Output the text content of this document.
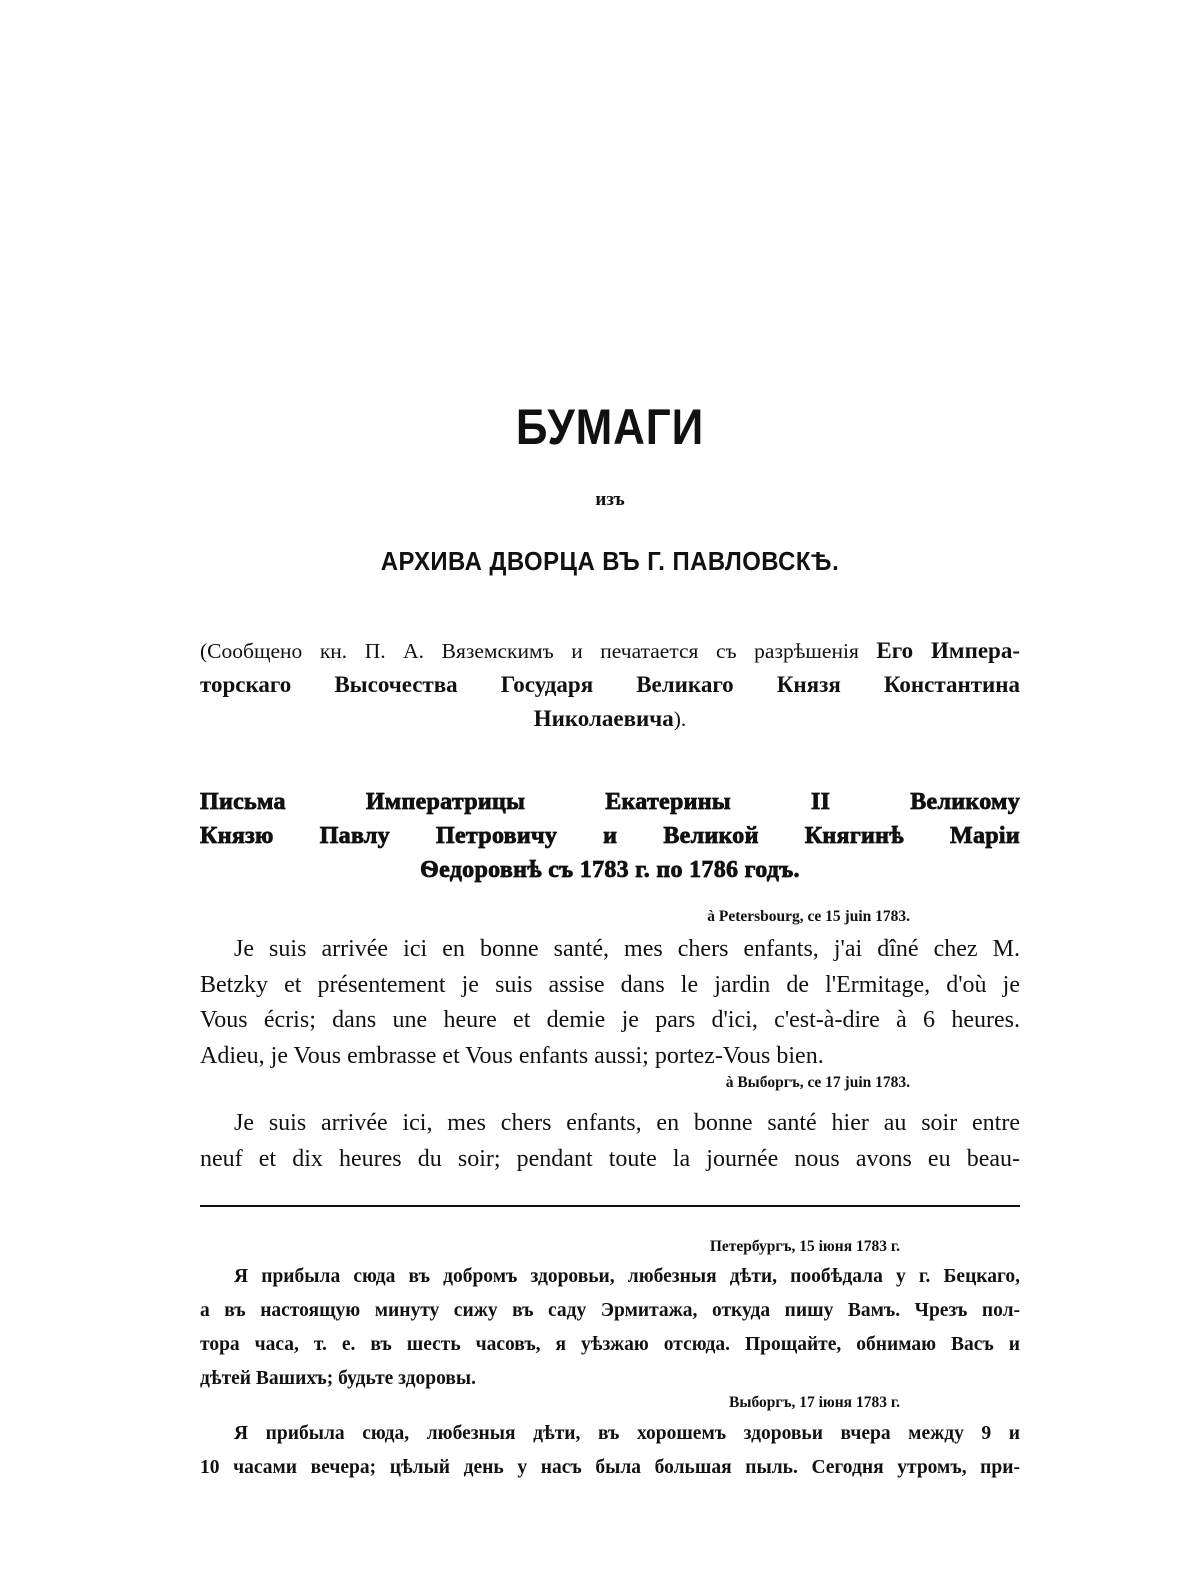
БУМАГИ
изъ
АРХИВА ДВОРЦА ВЪ Г. ПАВЛОВСКѢ.
(Сообщено кн. П. А. Вяземскимъ и печатается съ разрѣшенія Его Импера-
торскаго Высочества Государя Великаго Князя Константина
Николаевича).
Письма Императрицы Екатерины II Великому
Князю Павлу Петровичу и Великой Княгинѣ Маріи
Ѳедоровнѣ съ 1783 г. по 1786 годъ.
à Petersbourg, ce 15 juin 1783.
Je suis arrivée ici en bonne santé, mes chers enfants, j'ai dîné chez M.
Betzky et présentement je suis assise dans le jardin de l'Ermitage, d'où je
Vous écris; dans une heure et demie je pars d'ici, c'est-à-dire à 6 heures.
Adieu, je Vous embrasse et Vous enfants aussi; portez-Vous bien.
à Выборгъ, ce 17 juin 1783.
Je suis arrivée ici, mes chers enfants, en bonne santé hier au soir entre
neuf et dix heures du soir; pendant toute la journée nous avons eu beau-
Петербургъ, 15 іюня 1783 г.
Я прибыла сюда въ добромъ здоровьи, любезныя дѣти, пообѣдала у г. Бецкаго,
а въ настоящую минуту сижу въ саду Эрмитажа, откуда пишу Вамъ. Чрезъ пол-
тора часа, т. е. въ шесть часовъ, я уѣзжаю отсюда. Прощайте, обнимаю Васъ и
дѣтей Вашихъ; будьте здоровы.
Выборгъ, 17 іюня 1783 г.
Я прибыла сюда, любезныя дѣти, въ хорошемъ здоровьи вчера между 9 и
10 часами вечера; цѣлый день у насъ была большая пыль. Сегодня утромъ, при-
